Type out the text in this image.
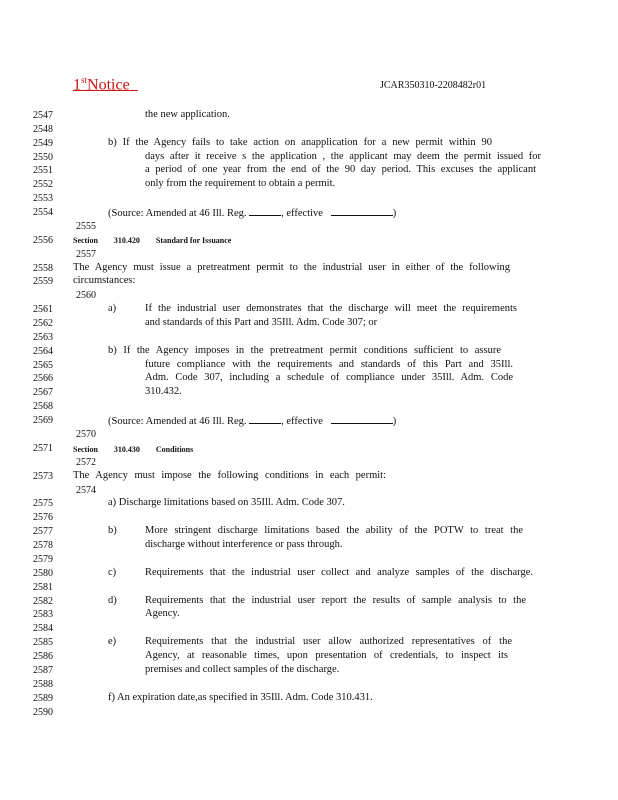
1stNotice	JCAR350310-2208482r01
2547
2548
2549
2550
2551
2552
2553
2554
2555
2556
2557
2558
2559
2560
2561
2562
2563
2564
2565
2566
2567
2568
2569
2570
2571
2572
2573
2574
2575
2576
2577
2578
2579
2580
2581
2582
2583
2584
2585
2586
2587
2588
2589
2590
the new application.
b) If the Agency fails to take action on anapplication for a new permit within 90
days after it receive s the application , the applicant may deem the permit issued for
a period of one year from the end of the 90 day period. This excuses the applicant
only from the requirement to obtain a permit.
(Source: Amended at 46 Ill. Reg.	, effective	)
Section 310.420 Standard for Issuance
The Agency must issue a pretreatment permit to the industrial user in either of the following
circumstances:
a)	If the industrial user demonstrates that the discharge will meet the requirements
and standards of this Part and 35Ill. Adm. Code 307; or
b) If the Agency imposes in the pretreatment permit conditions sufficient to assure
future compliance with the requirements and standards of this Part and 35Ill.
Adm. Code 307, including a schedule of compliance under 35Ill. Adm. Code
310.432.
(Source: Amended at 46 Ill. Reg.	, effective	)
Section 310.430 Conditions
The Agency must impose the following conditions in each permit:
a) Discharge limitations based on 35Ill. Adm. Code 307.
b)	More stringent discharge limitations based the ability of the POTW to treat the
discharge without interference or pass through.
c)	Requirements that the industrial user collect and analyze samples of the discharge.
d)	Requirements that the industrial user report the results of sample analysis to the
Agency.
e)	Requirements that the industrial user allow authorized representatives of the
Agency, at reasonable times, upon presentation of credentials, to inspect its
premises and collect samples of the discharge.
f) An expiration date,as specified in 35Ill. Adm. Code 310.431.
